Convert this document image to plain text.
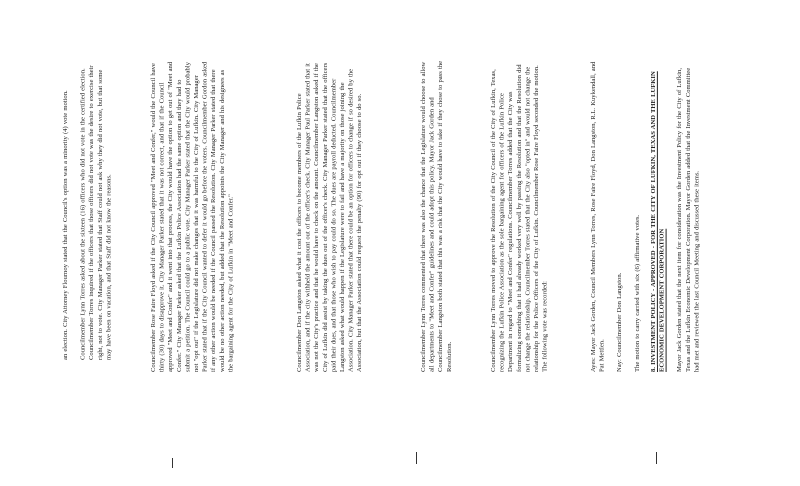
an election. City Attorney Flournoy stated that the Council's option was a minority (4) vote motion. Councilmember Lynn Torres asked about the sixteen (16) officers who did not vote in the certified election. Councilmember Torres inquired if the officers that those officers did not vote was the desire to exercise their right, not to vote. City Manager Parker stated that Staff could not ask why they did not vote, but that some may have been on vacation, and that Staff did not know the reasons.	Councilmember Rose Faire Floyd asked if the City Council approved "Meet and Confer," would the Council have thirty (30) days to disapprove it. City Manager Parker stated that it was not correct, and that if the Council approved "Meet and Confer" and it went into that process, the City would have the option to get out of "Meet and Confer." City Manager Parker asked that the Lufkin Police Association had the same option and they had to submit a petition. The Council could go to a public vote. City Manager Parker stated that the City would probably not "opt out" if the Legislature did not make changes that it was harmful to the City of Lufkin. City Manager Parker stated that if the City Council wanted to defer it would go before the voters. Councilmember Gordon asked if any other action would be needed if the Council passed the Resolution. City Manager Parker stated that there would be no other action needed, but added that the Resolution appoints the City Manager and his designees as the bargaining agent for the City of Lufkin in "Meet and Confer."	Councilmember Don Langston asked what it cost the officers to become members of the Lufkin Police Association, and if the city withheld the amount out of the officer's check. City Manager Paul Parker stated that it was not the City's practice and that he would have to check on the amount. Councilmember Langston asked if the City of Lufkin did assist by taking the dues out of the officer's check. City Manager Parker stated that the officers paid their dues, and that those who wish to pay could do so. The dues are payroll deducted. Councilmember Langston asked what would happen if the Legislature were to fail and have a majority on those joining the Association. City Manager Parker stated that there could be an option for officers to change if so desired by the Association, but that the Association could request the penalty (90) for opt out if they choose to do so.	Councilmember Lynn Torres commented that there was also the chance that the Legislature would choose to allow all departments to "Meet and Confer" guidelines and could adopt this policy. Mayor Jack Gorden and Councilmember Langston both stated that this was a risk that the City would have to take if they chose to pass the Resolution.	Councilmember Lynn Torres moved to approve the Resolution of the City Council of the City of Lufkin, Texas, recognizing the Lufkin Police Association as the sole bargaining agent for officers of the Lufkin Police Department in regard to "Meet and Confer" regulations. Councilmember Torres added that the City was formalizing something that it had already worked very well by passing the Resolution and that the Resolution did not change the relationship. Councilmember Torres stated that the City also "opted in" and would not change the relationship for the Police Officers of the City of Lufkin. Councilmember Rose Faire Floyd seconded the motion. The following vote was recorded:	Ayes: Mayor Jack Gorden, Council Members Lynn Torres, Rose Faire Floyd, Don Langston, R.L. Kuykendall, and Pat Mettlen. Nay: Councilmember Don Langston. The motion to carry carried with six (6) affirmative votes. 8. INVESTMENT POLICY - APPROVED - FOR THE CITY OF LUFKIN, TEXAS AND THE LUFKIN ECONOMIC DEVELOPMENT CORPORATION Mayor Jack Gorden stated that the next item for consideration was the Investment Policy for the City of Lufkin, Texas and the Lufkin Economic Development Corporation. Mayor Gorden added that the Investment Committee had met and reviewed the last Council Meeting and discussed these items.
